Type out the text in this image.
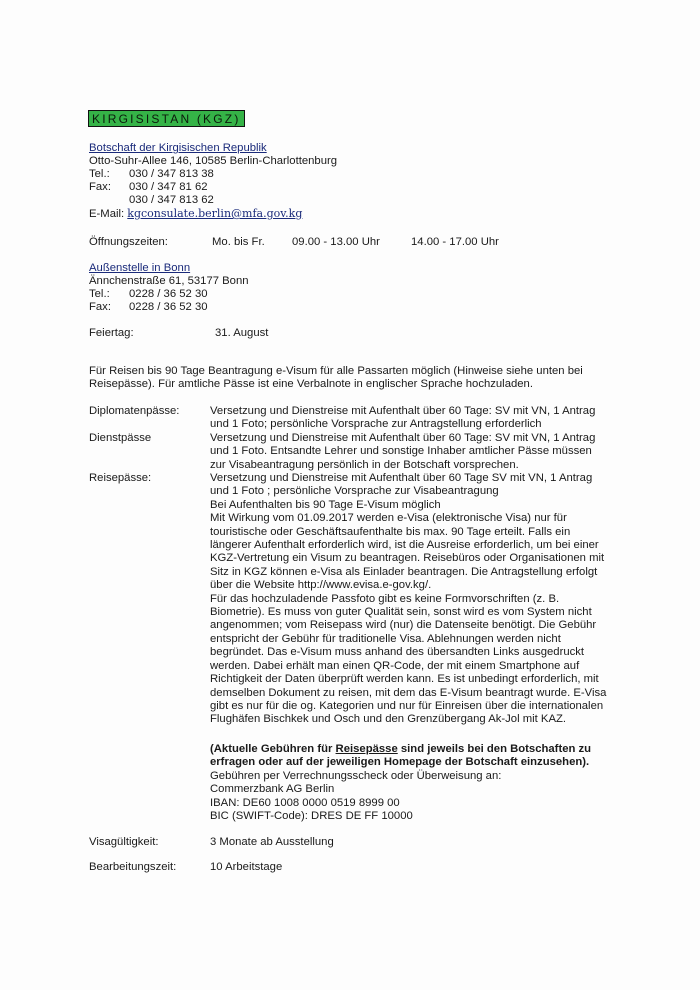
KIRGISISTAN (KGZ)
Botschaft der Kirgisischen Republik
Otto-Suhr-Allee 146, 10585 Berlin-Charlottenburg
Tel.: 030 / 347 813 38
Fax: 030 / 347 81 62
030 / 347 813 62
E-Mail: kgconsulate.berlin@mfa.gov.kg
Öffnungszeiten:	Mo. bis Fr. 09.00 - 13.00 Uhr	14.00 - 17.00 Uhr
Außenstelle in Bonn
Ännchenstraße 61, 53177 Bonn
Tel.: 0228 / 36 52 30
Fax: 0228 / 36 52 30
Feiertag:	31. August
Für Reisen bis 90 Tage Beantragung e-Visum für alle Passarten möglich (Hinweise siehe unten bei Reisepässe). Für amtliche Pässe ist eine Verbalnote in englischer Sprache hochzuladen.
Diplomatenpässe:	Versetzung und Dienstreise mit Aufenthalt über 60 Tage: SV mit VN, 1 Antrag und 1 Foto; persönliche Vorsprache zur Antragstellung erforderlich
Dienstpässe	Versetzung und Dienstreise mit Aufenthalt über 60 Tage: SV mit VN, 1 Antrag und 1 Foto. Entsandte Lehrer und sonstige Inhaber amtlicher Pässe müssen zur Visabeantragung persönlich in der Botschaft vorsprechen.
Reisepässe:	Versetzung und Dienstreise mit Aufenthalt über 60 Tage SV mit VN, 1 Antrag und 1 Foto ; persönliche Vorsprache zur Visabeantragung

Bei Aufenthalten bis 90 Tage E-Visum möglich

Mit Wirkung vom 01.09.2017 werden e-Visa (elektronische Visa) nur für touristische oder Geschäftsaufenthalte bis max. 90 Tage erteilt. Falls ein längerer Aufenthalt erforderlich wird, ist die Ausreise erforderlich, um bei einer KGZ-Vertretung ein Visum zu beantragen. Reisebüros oder Organisationen mit Sitz in KGZ können e-Visa als Einlader beantragen. Die Antragstellung erfolgt über die Website http://www.evisa.e-gov.kg/.

Für das hochzuladende Passfoto gibt es keine Formvorschriften (z. B. Biometrie). Es muss von guter Qualität sein, sonst wird es vom System nicht angenommen; vom Reisepass wird (nur) die Datenseite benötigt. Die Gebühr entspricht der Gebühr für traditionelle Visa. Ablehnungen werden nicht begründet. Das e-Visum muss anhand des übersandten Links ausgedruckt werden. Dabei erhält man einen QR-Code, der mit einem Smartphone auf Richtigkeit der Daten überprüft werden kann. Es ist unbedingt erforderlich, mit demselben Dokument zu reisen, mit dem das E-Visum beantragt wurde. E-Visa gibt es nur für die og. Kategorien und nur für Einreisen über die internationalen Flughäfen Bischkek und Osch und den Grenzübergang Ak-Jol mit KAZ.

(Aktuelle Gebühren für Reisepässe sind jeweils bei den Botschaften zu erfragen oder auf der jeweiligen Homepage der Botschaft einzusehen).

Gebühren per Verrechnungsscheck oder Überweisung an:

Commerzbank AG Berlin

IBAN: DE60 1008 0000 0519 8999 00

BIC (SWIFT-Code): DRES DE FF 10000

Visagültigkeit:	3 Monate ab Ausstellung
Bearbeitungszeit:	10 Arbeitstage
